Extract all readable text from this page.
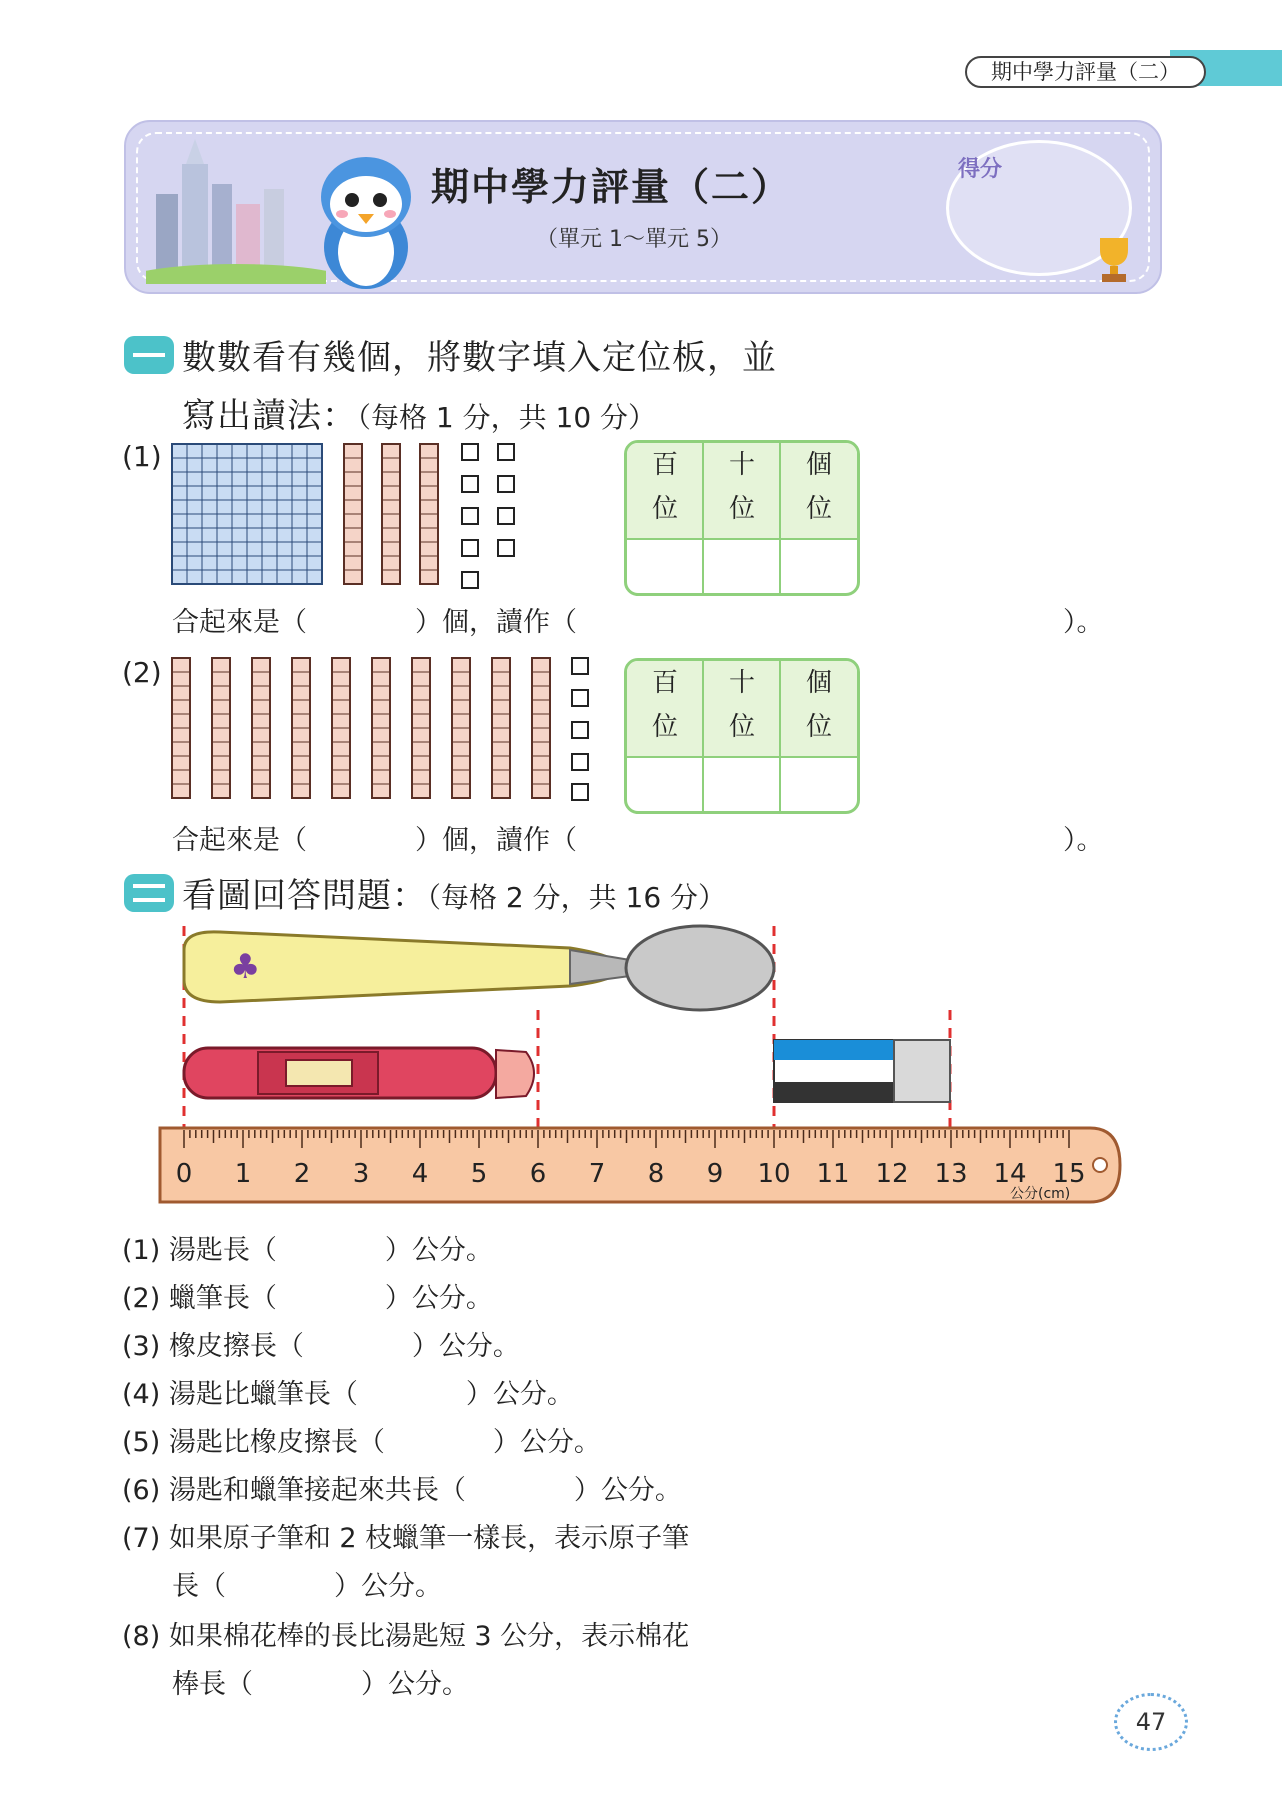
期中學力評量（二）
期中學力評量（二）
（單元 1～單元 5）
得分
數數看有幾個，將數字填入定位板，並
寫出讀法：（每格 1 分，共 10 分）
(1)	百
位
十
位
個
位
合起來是（　　　　）個，讀作（　　　　　　　　　　　　　　　　　　）。
(2)	百
位
十
位
個
位
合起來是（　　　　）個，讀作（　　　　　　　　　　　　　　　　　　）。
看圖回答問題：（每格 2 分，共 16 分）
♣
0 1 2 3 4 5 6 7 8 9 10 11 12 13 14 15
公分(cm)
(1) 湯匙長（　　　　）公分。
(2) 蠟筆長（　　　　）公分。
(3) 橡皮擦長（　　　　）公分。
(4) 湯匙比蠟筆長（　　　　）公分。
(5) 湯匙比橡皮擦長（　　　　）公分。
(6) 湯匙和蠟筆接起來共長（　　　　）公分。
(7) 如果原子筆和 2 枝蠟筆一樣長，表示原子筆
長（　　　　）公分。
(8) 如果棉花棒的長比湯匙短 3 公分，表示棉花
棒長（　　　　）公分。
47
